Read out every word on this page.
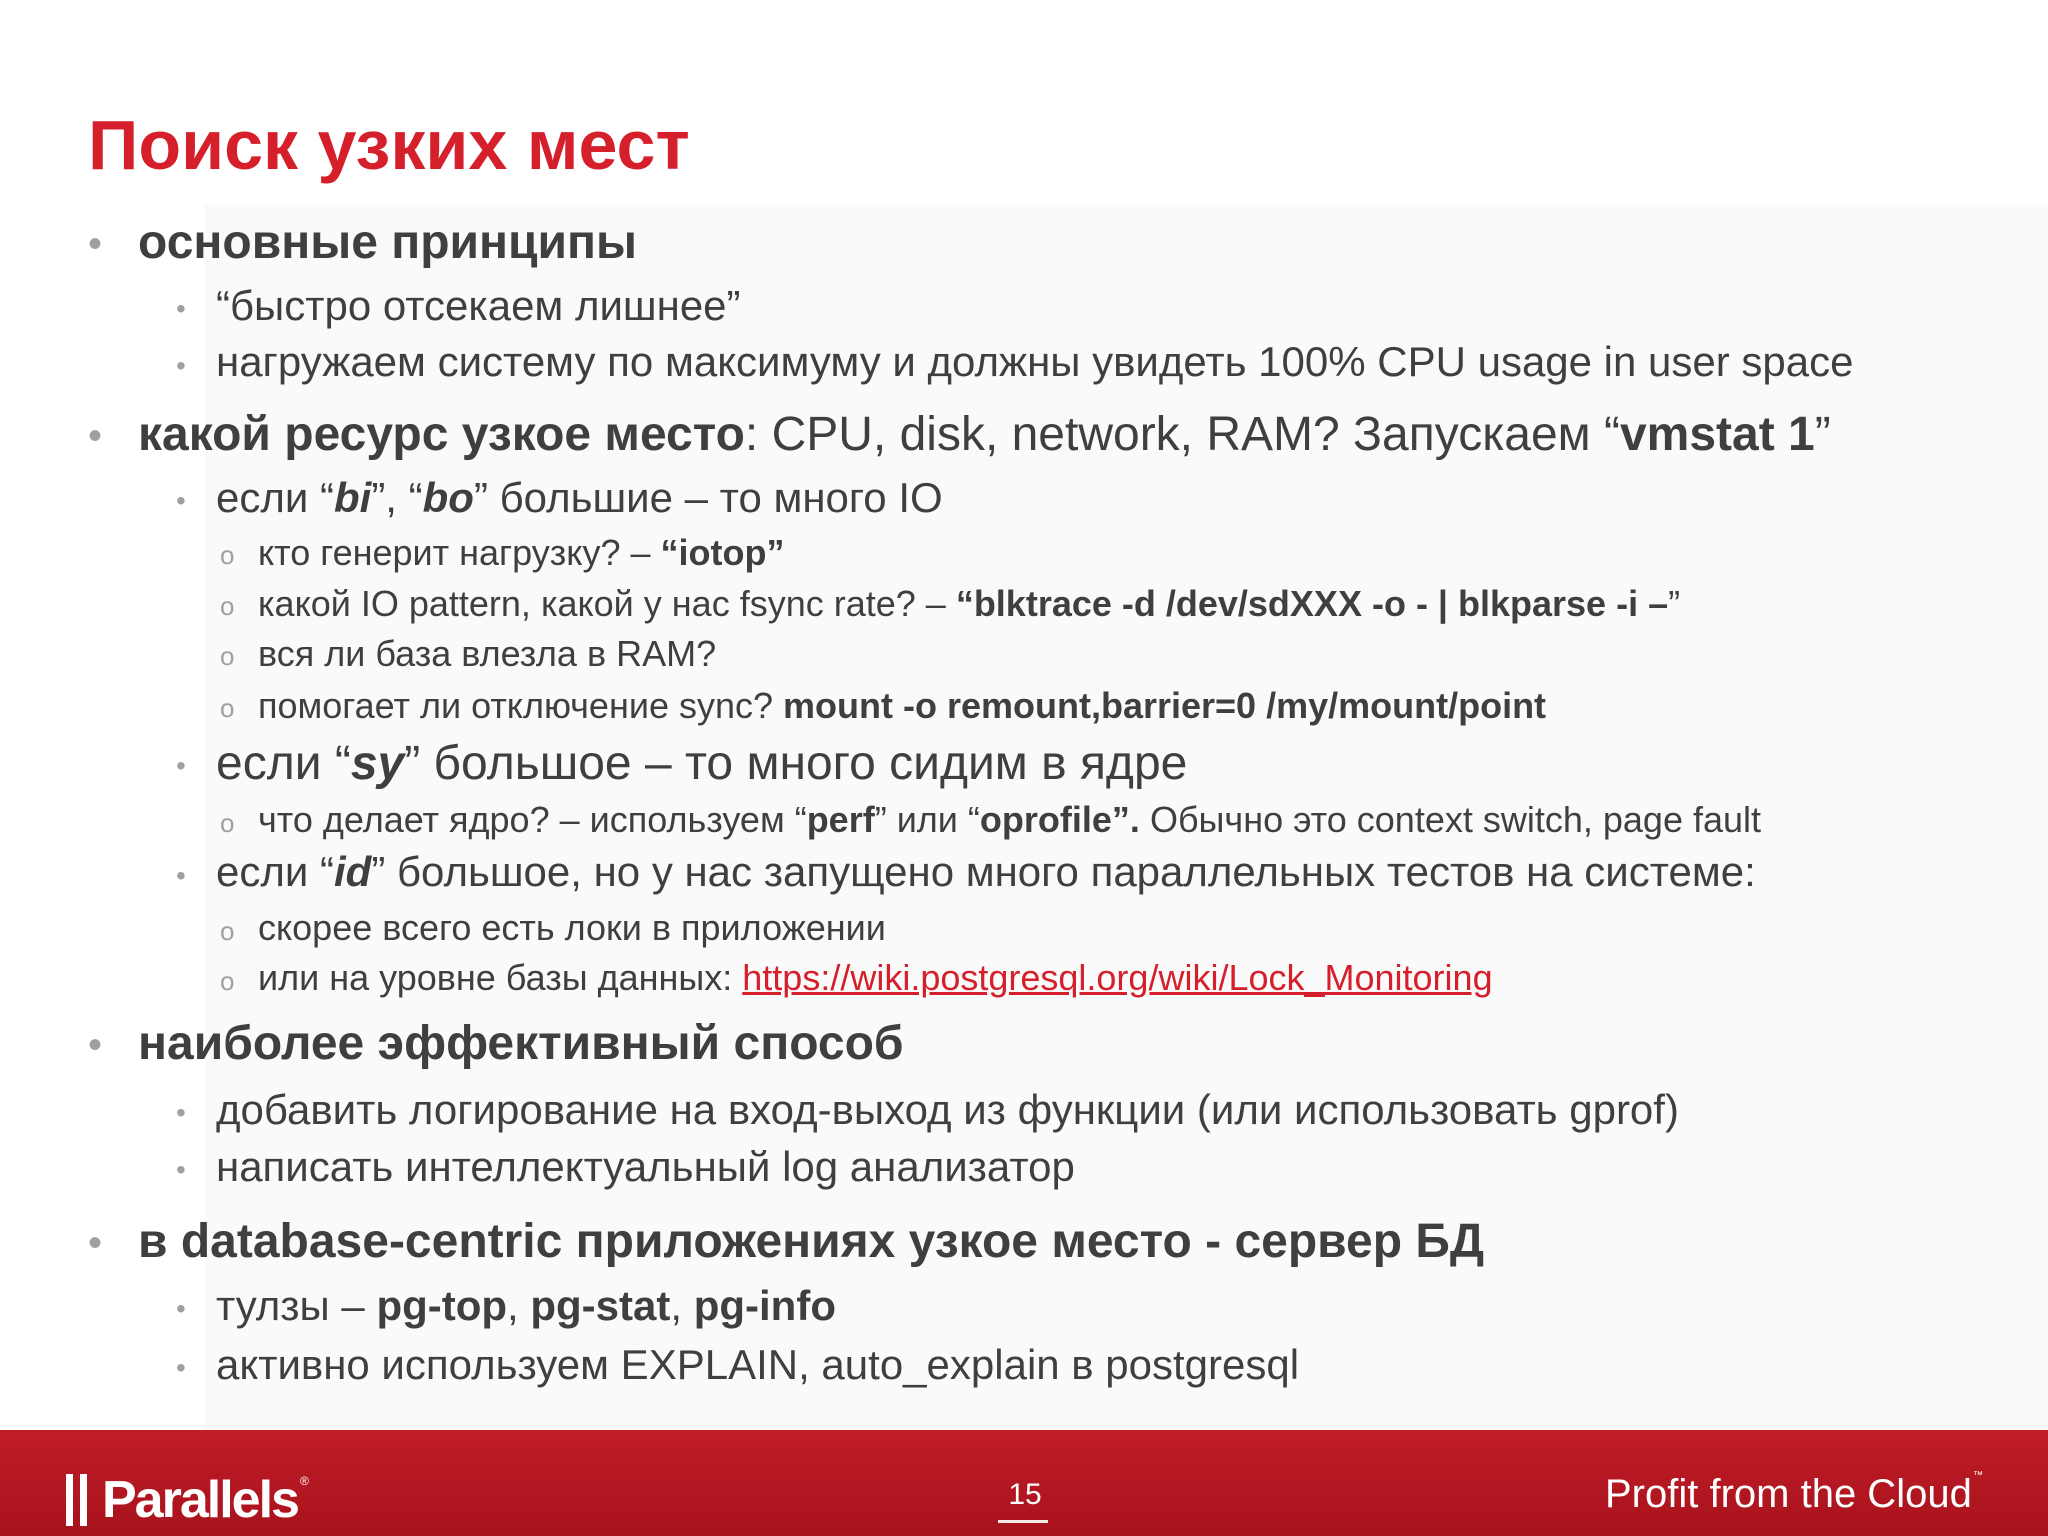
Поиск узких мест
• основные принципы
• “быстро отсекаем лишнее”
• нагружаем систему по максимуму и должны увидеть 100% CPU usage in user space
• какой ресурс узкое место: CPU, disk, network, RAM? Запускаем “vmstat 1”
• если “bi”, “bo” большие – то много IO
o кто генерит нагрузку? – “iotop”
o какой IO pattern, какой у нас fsync rate? – “blktrace -d /dev/sdXXX -o - | blkparse -i –”
o вся ли база влезла в RAM?
o помогает ли отключение sync? mount -o remount,barrier=0 /my/mount/point
• если “sy” большое – то много сидим в ядре
o что делает ядро? – используем “perf” или “oprofile”. Обычно это context switch, page fault
• если “id” большое, но у нас запущено много параллельных тестов на системе:
o скорее всего есть локи в приложении
o или на уровне базы данных: https://wiki.postgresql.org/wiki/Lock_Monitoring
• наиболее эффективный способ
• добавить логирование на вход-выход из функции (или использовать gprof)
• написать интеллектуальный log анализатор
• в database-centric приложениях узкое место - сервер БД
• тулзы – pg-top, pg-stat, pg-info
• активно используем EXPLAIN, auto_explain в postgresql
Parallels ®	15	Profit from the Cloud ™
